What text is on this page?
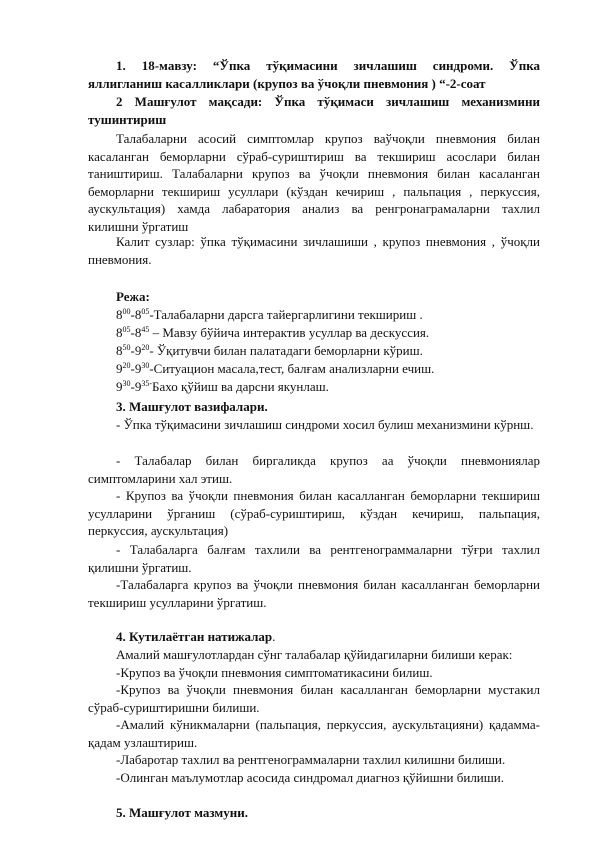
1. 18-мавзу: “Ўпка тўқимасини зичлашиш синдроми. Ўпка яллигланиш касалликлари (крупоз ва ўчоқли пневмония ) “-2-соат

2 Машғулот мақсади: Ўпка тўқимаси зичлашиш механизмини тушинтириш

Талабаларни асосий симптомлар крупоз ваўчоқли пневмония билан касаланган беморларни сўраб-суриштириш ва текшириш асослари билан таништириш. Талабаларни крупоз ва ўчоқли пневмония билан касаланган беморларни текшириш усуллари (кўздан кечириш , пальпация , перкуссия, аускультация) хамда лабаратория анализ ва ренгронаграмаларни тахлил килишни ўргатиш

Калит сузлар: ўпка тўқимасини зичлашиши , крупоз пневмония , ўчоқли пневмония.

Режа:

$8^{00}-8^{05}$-Талабаларни дарсга тайергарлигини текшириш .

$8^{05}-8^{45}$ – Мавзу бўйича интерактив усуллар ва дескуссия.

$8^{50}-9^{20}-$ Ўқитувчи билан палатадаги беморларни кўриш.

$9^{20}-9^{30}$-Ситуацион масала,тест, балғам анализларни ечиш.

$9^{30}-9^{35-}Бахо$ қўйиш ва дарсни якунлаш.

3. Машғулот вазифалари.

- Ўпка тўқимасини зичлашиш синдроми хосил булиш механизмини кўрнш.

- Талабалар билан биргаликда крупоз аа ўчоқли пневмониялар симптомларини хал этиш.

- Крупоз ва ўчоқли пневмония билан касалланган беморларни текшириш усулларини ўрганиш (сўраб-суриштириш, кўздан кечириш, пальпация, перкуссия, аускультация)

- Талабаларга балғам тахлили ва рентгенограммаларни тўғри тахлил қилишни ўргатиш.

-Талабаларга крупоз ва ўчоқли пневмония билан касалланган беморларни текшириш усулларини ўргатиш.

4. Кутилаётган натижалар.

Амалий машғулотлардан сўнг талабалар қўйидагиларни билиши керак:

-Крупоз ва ўчоқли пневмония симптоматикасини билиш.

-Крупоз ва ўчоқли пневмония билан касалланган беморларни мустакил сўраб-суриштиришни билиши.

-Амалий кўникмаларни (пальпация, перкуссия, аускультацияни) қадамма-қадам узлаштириш.

-Лабаротар тахлил ва рентгенограммаларни тахлил килишни билиши.

-Олинган маълумотлар асосида синдромал диагноз қўйишни билиши.

5. Машғулот мазмуни.
